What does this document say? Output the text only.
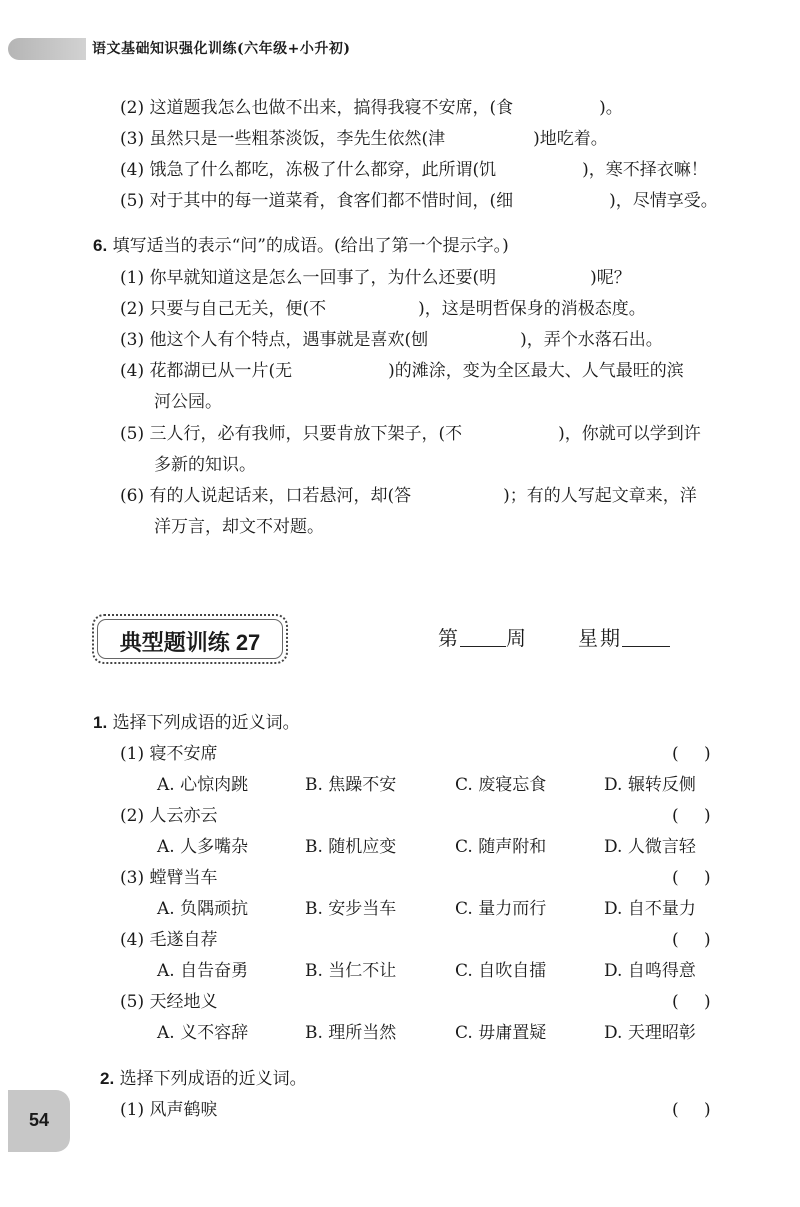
语文基础知识强化训练(六年级+小升初)
(2) 这道题我怎么也做不出来，搞得我寝不安席，(食	)。
(3) 虽然只是一些粗茶淡饭，李先生依然(津	)地吃着。
(4) 饿急了什么都吃，冻极了什么都穿，此所谓(饥	)，寒不择衣嘛！
(5) 对于其中的每一道菜肴，食客们都不惜时间，(细	)，尽情享受。
6. 填写适当的表示“问”的成语。(给出了第一个提示字。)
(1) 你早就知道这是怎么一回事了，为什么还要(明	)呢？
(2) 只要与自己无关，便(不	)，这是明哲保身的消极态度。
(3) 他这个人有个特点，遇事就是喜欢(刨	)，弄个水落石出。
(4) 花都湖已从一片(无	)的滩涂，变为全区最大、人气最旺的滨
河公园。
(5) 三人行，必有我师，只要肯放下架子，(不	)，你就可以学到许
多新的知识。
(6) 有的人说起话来，口若悬河，却(答	)；有的人写起文章来，洋
洋万言，却文不对题。
典型题训练 27	第 周	星期
1. 选择下列成语的近义词。
(1) 寝不安席	( )
A. 心惊肉跳	B. 焦躁不安	C. 废寝忘食	D. 辗转反侧
(2) 人云亦云	( )
A. 人多嘴杂	B. 随机应变	C. 随声附和	D. 人微言轻
(3) 螳臂当车	( )
A. 负隅顽抗	B. 安步当车	C. 量力而行	D. 自不量力
(4) 毛遂自荐	( )
A. 自告奋勇	B. 当仁不让	C. 自吹自擂	D. 自鸣得意
(5) 天经地义	( )
A. 义不容辞	B. 理所当然	C. 毋庸置疑	D. 天理昭彰
2. 选择下列成语的近义词。
(1) 风声鹤唳	( )
54
